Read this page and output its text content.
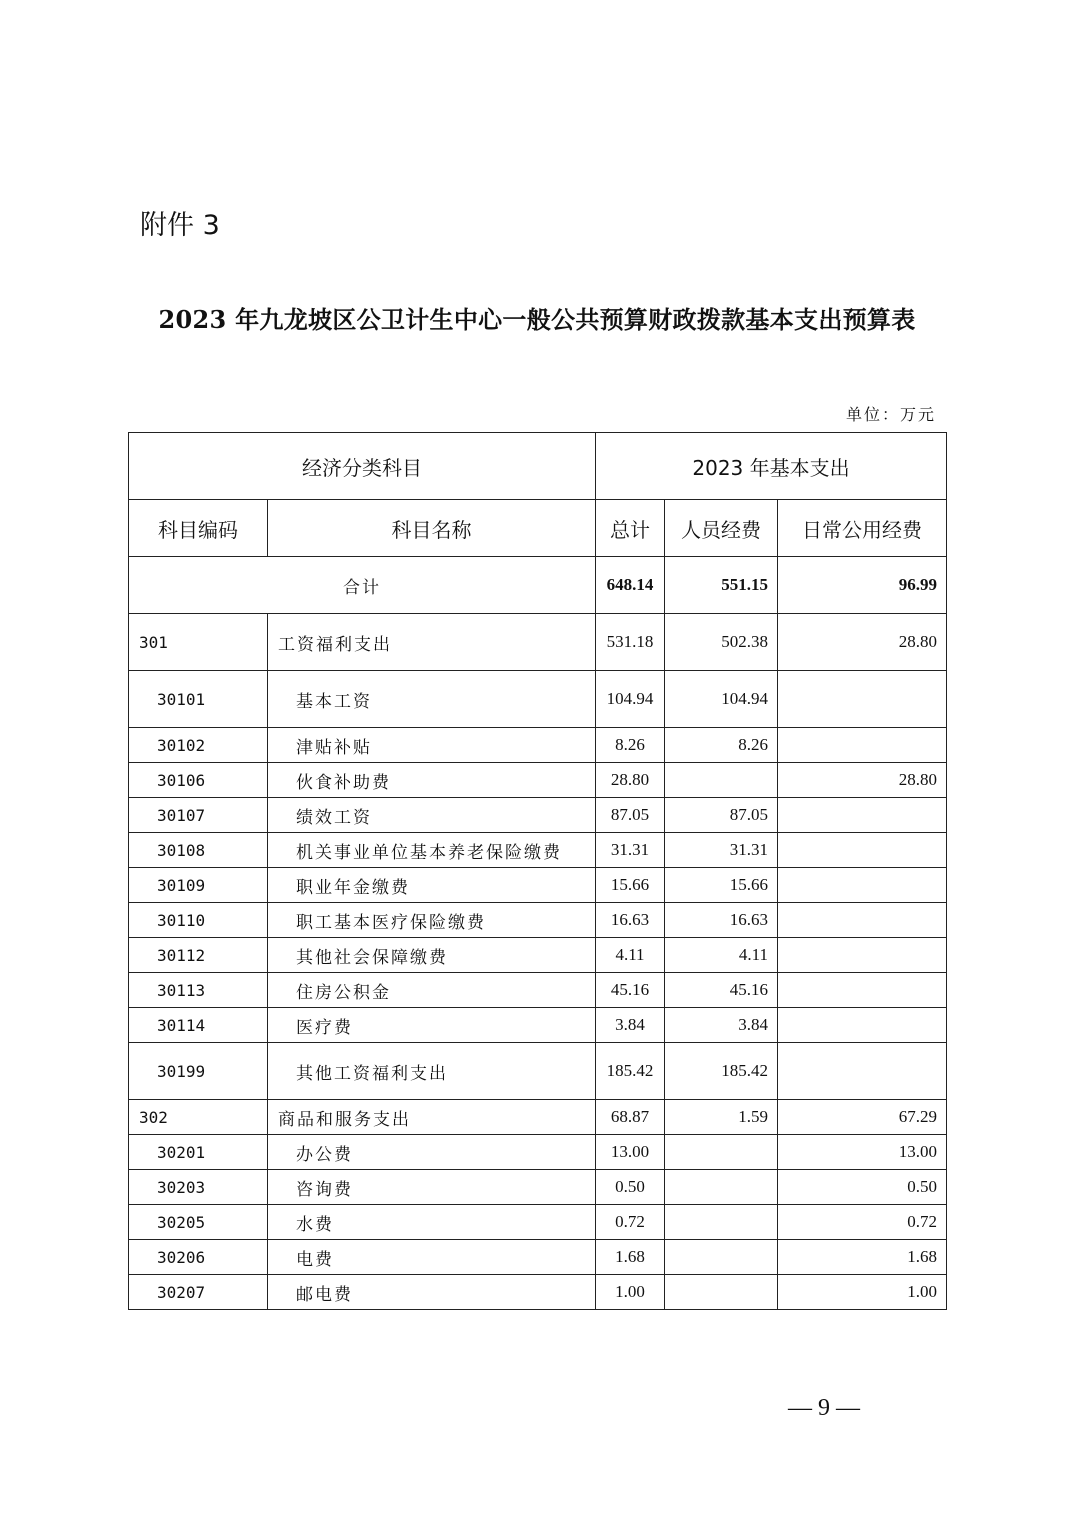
附件 3
2023 年九龙坡区公卫计生中心一般公共预算财政拨款基本支出预算表
单位：万元
经济分类科目		2023 年基本支出		
科目编码	科目名称	总计	人员经费	日常公用经费
合计		648.14	551.15	96.99
301	工资福利支出	531.18	502.38	28.80
30101	基本工资	104.94	104.94	
30102	津贴补贴	8.26	8.26	
30106	伙食补助费	28.80		28.80
30107	绩效工资	87.05	87.05	
30108	机关事业单位基本养老保险缴费	31.31	31.31	
30109	职业年金缴费	15.66	15.66	
30110	职工基本医疗保险缴费	16.63	16.63	
30112	其他社会保障缴费	4.11	4.11	
30113	住房公积金	45.16	45.16	
30114	医疗费	3.84	3.84	
30199	其他工资福利支出	185.42	185.42	
302	商品和服务支出	68.87	1.59	67.29
30201	办公费	13.00		13.00
30203	咨询费	0.50		0.50
30205	水费	0.72		0.72
30206	电费	1.68		1.68
30207	邮电费	1.00		1.00
— 9 —
